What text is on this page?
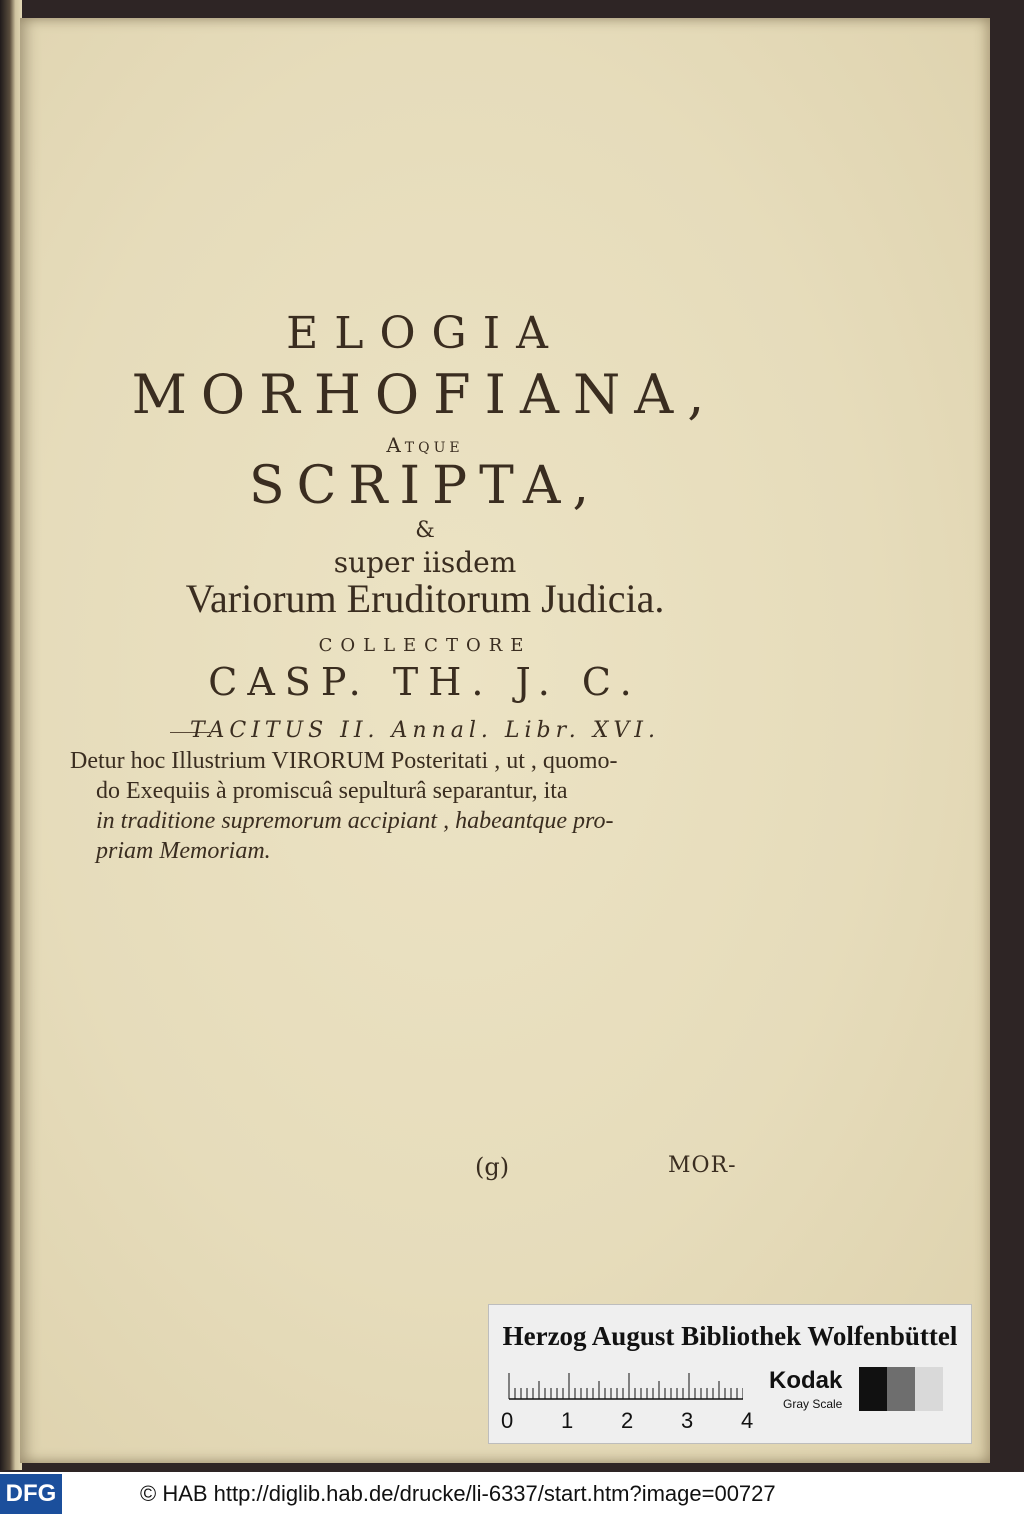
ELOGIA
MORHOFIANA,
Atque
SCRIPTA,
&
super iisdem
Variorum Eruditorum Judicia.
COLLECTORE
CASP. TH. J. C.
TACITUS II. Annal. Libr. XVI.
Detur hoc Illustrium VIRORUM Posteritati , ut , quomo-
do Exequiis à promiscuâ sepulturâ separantur, ita
in traditione supremorum accipiant , habeantque pro-
priam Memoriam.
(g)	MOR-
Herzog August Bibliothek Wolfenbüttel
0 1 2 3 4
Kodak
Gray Scale
DFG	© HAB http://diglib.hab.de/drucke/li-6337/start.htm?image=00727
